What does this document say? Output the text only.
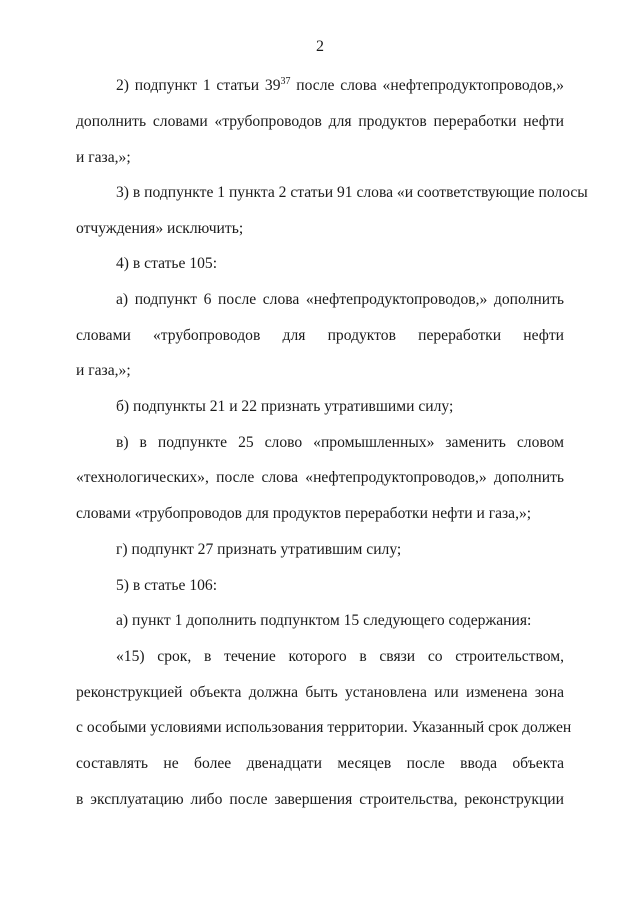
2
2) подпункт 1 статьи $39^{37}$ после слова «нефтепродуктопроводов,»
дополнить словами «трубопроводов для продуктов переработки нефти
и газа,»;
3) в подпункте 1 пункта 2 статьи 91 слова «и соответствующие полосы
отчуждения» исключить;
4) в статье 105:
а) подпункт 6 после слова «нефтепродуктопроводов,» дополнить
словами «трубопроводов для продуктов переработки нефти
и газа,»;
б) подпункты 21 и 22 признать утратившими силу;
в) в подпункте 25 слово «промышленных» заменить словом
«технологических», после слова «нефтепродуктопроводов,» дополнить
словами «трубопроводов для продуктов переработки нефти и газа,»;
г) подпункт 27 признать утратившим силу;
5) в статье 106:
а) пункт 1 дополнить подпунктом 15 следующего содержания:
«15) срок, в течение которого в связи со строительством,
реконструкцией объекта должна быть установлена или изменена зона
с особыми условиями использования территории. Указанный срок должен
составлять не более двенадцати месяцев после ввода объекта
в эксплуатацию либо после завершения строительства, реконструкции
